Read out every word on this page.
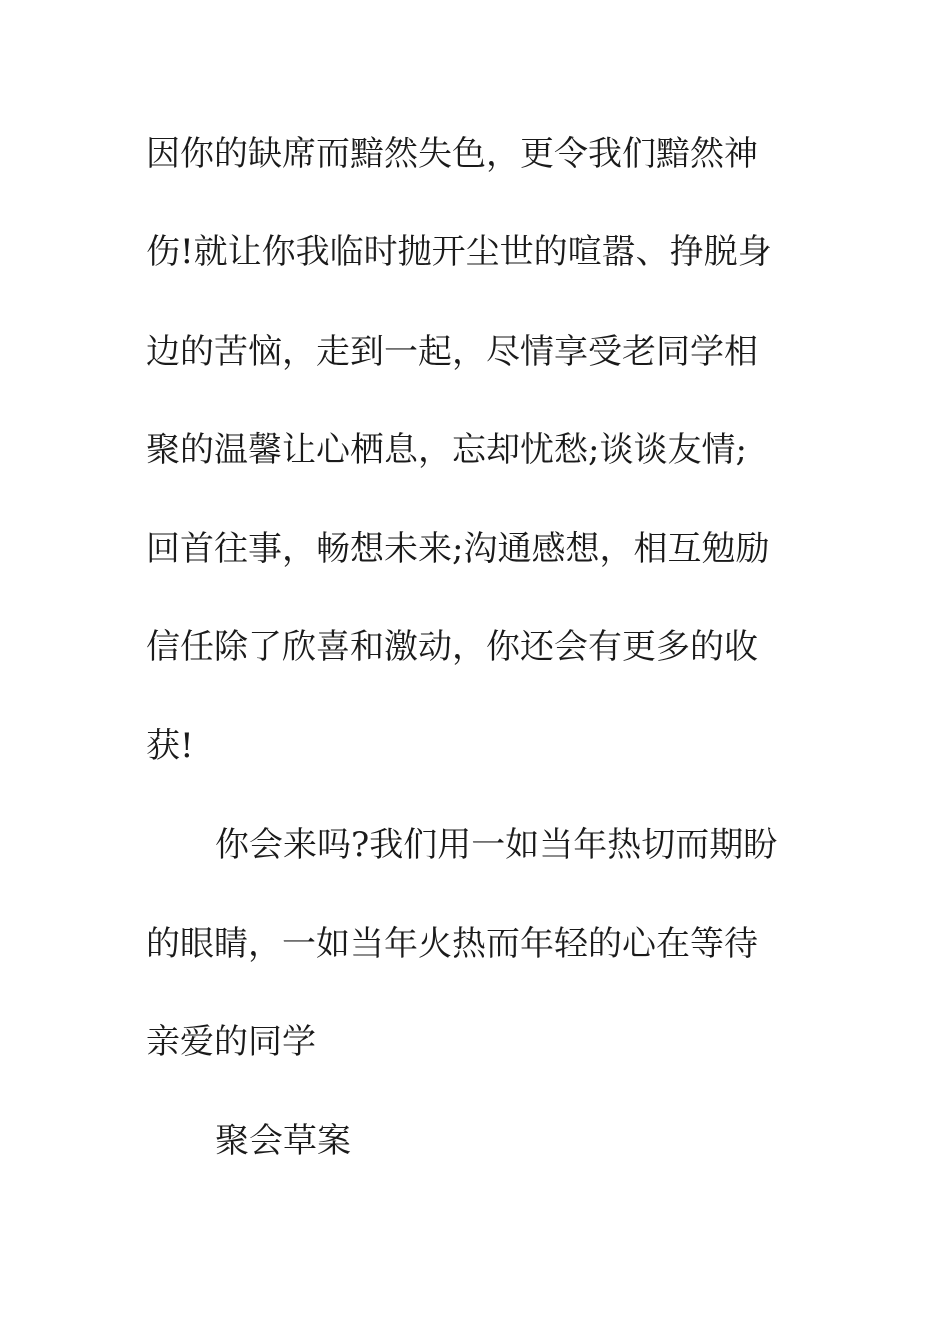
因你的缺席而黯然失色，更令我们黯然神
伤!就让你我临时抛开尘世的喧嚣、挣脱身
边的苦恼，走到一起，尽情享受老同学相
聚的温馨让心栖息，忘却忧愁;谈谈友情;
回首往事，畅想未来;沟通感想，相互勉励
信任除了欣喜和激动，你还会有更多的收
获!
你会来吗?我们用一如当年热切而期盼
的眼睛，一如当年火热而年轻的心在等待
亲爱的同学
聚会草案
